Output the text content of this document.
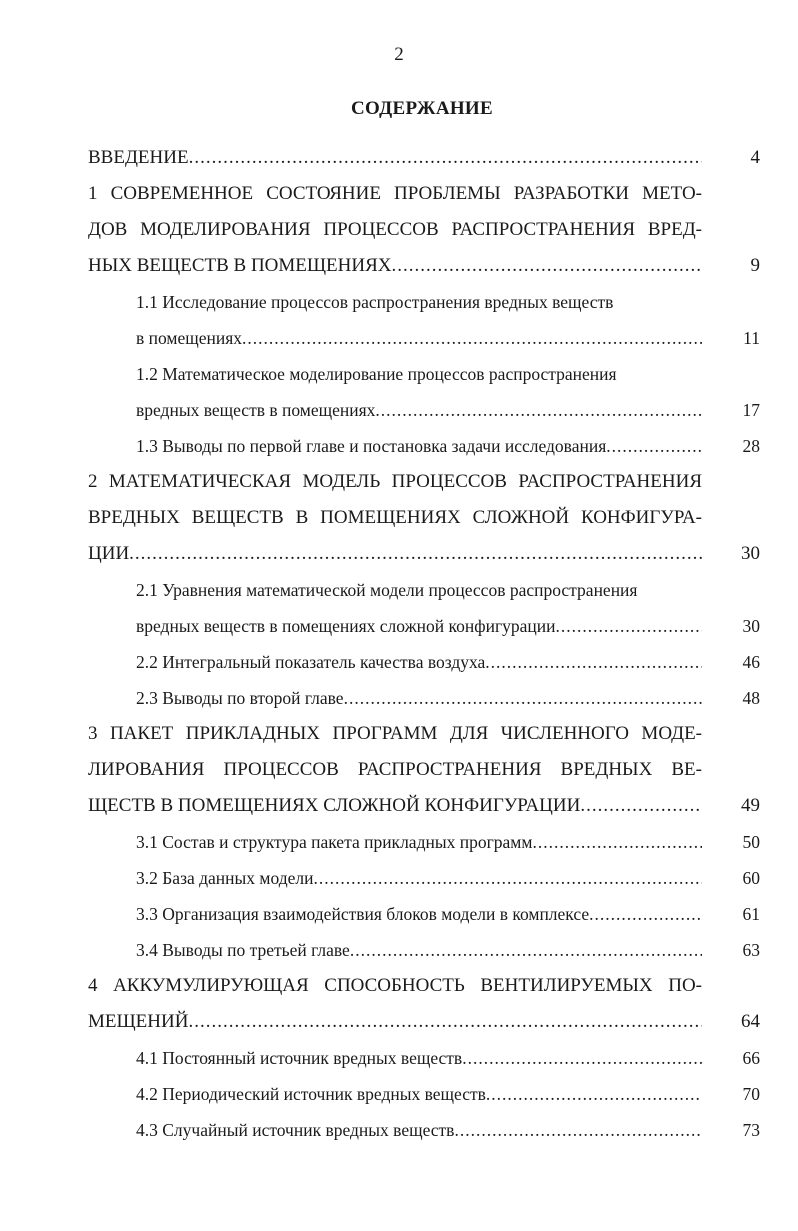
2
СОДЕРЖАНИЕ
ВВЕДЕНИЕ .....	4
1 СОВРЕМЕННОЕ СОСТОЯНИЕ ПРОБЛЕМЫ РАЗРАБОТКИ МЕТО-
ДОВ МОДЕЛИРОВАНИЯ ПРОЦЕССОВ РАСПРОСТРАНЕНИЯ ВРЕД-
НЫХ ВЕЩЕСТВ В ПОМЕЩЕНИЯХ .....	9
1.1 Исследование процессов распространения вредных веществ
в помещениях .....	11
1.2 Математическое моделирование процессов распространения
вредных веществ в помещениях .....	17
1.3 Выводы по первой главе и постановка задачи исследования .....	28
2 МАТЕМАТИЧЕСКАЯ МОДЕЛЬ ПРОЦЕССОВ РАСПРОСТРАНЕНИЯ
ВРЕДНЫХ ВЕЩЕСТВ В ПОМЕЩЕНИЯХ СЛОЖНОЙ КОНФИГУРА-
ЦИИ .....	30
2.1 Уравнения математической модели процессов распространения
вредных веществ в помещениях сложной конфигурации .....	30
2.2 Интегральный показатель качества воздуха .....	46
2.3 Выводы по второй главе .....	48
3 ПАКЕТ ПРИКЛАДНЫХ ПРОГРАММ ДЛЯ ЧИСЛЕННОГО МОДЕ-
ЛИРОВАНИЯ ПРОЦЕССОВ РАСПРОСТРАНЕНИЯ ВРЕДНЫХ ВЕ-
ЩЕСТВ В ПОМЕЩЕНИЯХ СЛОЖНОЙ КОНФИГУРАЦИИ .....	49
3.1 Состав и структура пакета прикладных программ .....	50
3.2 База данных модели .....	60
3.3 Организация взаимодействия блоков модели в комплексе .....	61
3.4 Выводы по третьей главе .....	63
4 АККУМУЛИРУЮЩАЯ СПОСОБНОСТЬ ВЕНТИЛИРУЕМЫХ ПО-
МЕЩЕНИЙ .....	64
4.1 Постоянный источник вредных веществ .....	66
4.2 Периодический источник вредных веществ .....	70
4.3 Случайный источник вредных веществ .....	73
